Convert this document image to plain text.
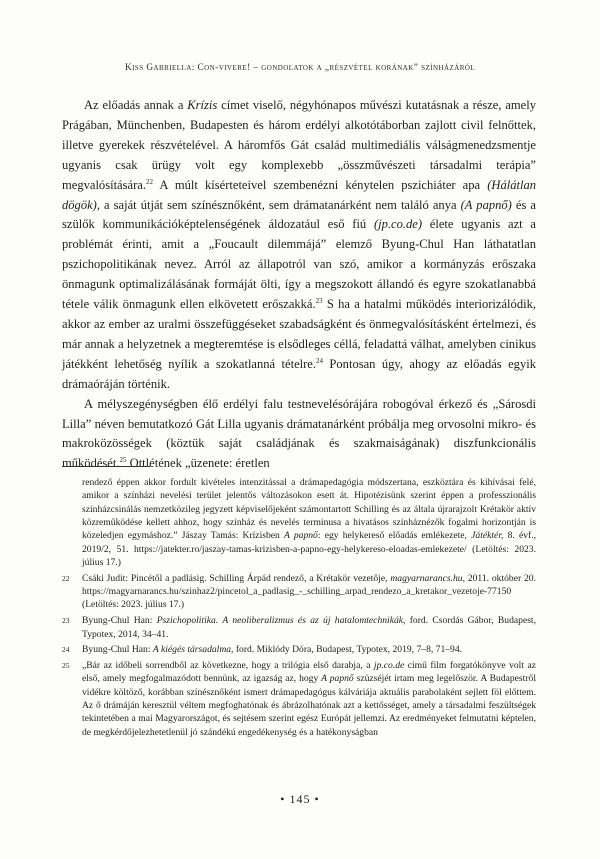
Kiss Gabriella: Con-vivere! – gondolatok a „részvétel korának” színházáról

Az előadás annak a Krízis címet viselő, négyhónapos művészi kutatásnak a része, amely Prágában, Münchenben, Budapesten és három erdélyi alkotótáborban zajlott civil felnőttek, illetve gyerekek részvételével. A háromfős Gát család multimediális válságmenedzsmentje ugyanis csak ürügy volt egy komplexebb „összművészeti társadalmi terápia” megvalósítására.$^{22}$ A múlt kísérteteivel szembenézni kénytelen pszichiáter apa (Hálátlan dögök), a saját útját sem színésznőként, sem drámatanárként nem találó anya (A papnő) és a szülők kommunikációképtelenségének áldozatául eső fiú (jp.co.de) élete ugyanis azt a problémát érinti, amit a „Foucault dilemmájá” elemző Byung-Chul Han láthatatlan pszichopolitikának nevez. Arról az állapotról van szó, amikor a kormányzás erőszaka önmagunk optimalizálásának formáját ölti, így a megszokott állandó és egyre szokatlanabbá tétele válik önmagunk ellen elkövetett erőszakká.$^{23}$ S ha a hatalmi működés interiorizálódik, akkor az ember az uralmi összefüggéseket szabadságként és önmegvalósításként értelmezi, és már annak a helyzetnek a megteremtése is elsődleges céllá, feladattá válhat, amelyben cinikus játékként lehetőség nyílik a szokatlanná tételre.$^{24}$ Pontosan úgy, ahogy az előadás egyik drámaóráján történik.

A mélyszegénységben élő erdélyi falu testnevelésórájára robogóval érkező és „Sárosdi Lilla” néven bemutatkozó Gát Lilla ugyanis drámatanárként próbálja meg orvosolni mikro- és makroközösségek (köztük saját családjának és szakmaiságának) diszfunkcionális működését.$^{25}$ Ottlétének „üzenete: éretlen

rendező éppen akkor fordult kivételes intenzitással a drámapedagógia módszertana, eszköztára és kihívásai felé, amikor a színházi nevelési terület jelentős változásokon esett át. Hipotézisünk szerint éppen a professzionális színházcsinálás nemzetközileg jegyzett képviselőjeként számontartott Schilling és az általa újrarajzolt Krétakör aktív közreműködése kellett ahhoz, hogy színház és nevelés terminusa a hivatásos színháznézők fogalmi horizontján is közeledjen egymáshoz.” Jászay Tamás: Krízisben A papnő: egy helykereső előadás emlékezete, Játéktér, 8. évf., 2019/2, 51. https://jatekter.ro/jaszay-tamas-krizisben-a-papno-egy-helykereso-eloadas-emlekezete/ (Letöltés: 2023. július 17.)
22 Csáki Judit: Pincétől a padlásig. Schilling Árpád rendező, a Krétakör vezetője, magyarnarancs.hu, 2011. október 20. https://magyarnarancs.hu/szinhaz2/pincetol_a_padlasig_-_schilling_arpad_rendezo_a_kretakor_vezetoje-77150 (Letöltés: 2023. július 17.)
23 Byung-Chul Han: Pszichopolitika. A neoliberalizmus és az új hatalomtechnikák, ford. Csordás Gábor, Budapest, Typotex, 2014, 34–41.
24 Byung-Chul Han: A kiégés társadalma, ford. Miklódy Dóra, Budapest, Typotex, 2019, 7–8, 71–94.
25 „Bár az időbeli sorrendből az következne, hogy a trilógia első darabja, a jp.co.de című film forgatókönyve volt az első, amely megfogalmazódott bennünk, az igazság az, hogy A papnő szüzséjét írtam meg legelőször. A Budapestről vidékre költöző, korábban színésznőként ismert drámapedagógus kálváriája aktuális parabolaként sejlett föl előttem. Az ő drámáján keresztül véltem megfoghatónak és ábrázolhatónak azt a kettősséget, amely a társadalmi feszültségek tekintetében a mai Magyarországot, és sejtésem szerint egész Európát jellemzi. Az eredményeket felmutatni képtelen, de megkérdőjelezhetetlenül jó szándékú engedékenység és a hatékonyságban
• 145 •
